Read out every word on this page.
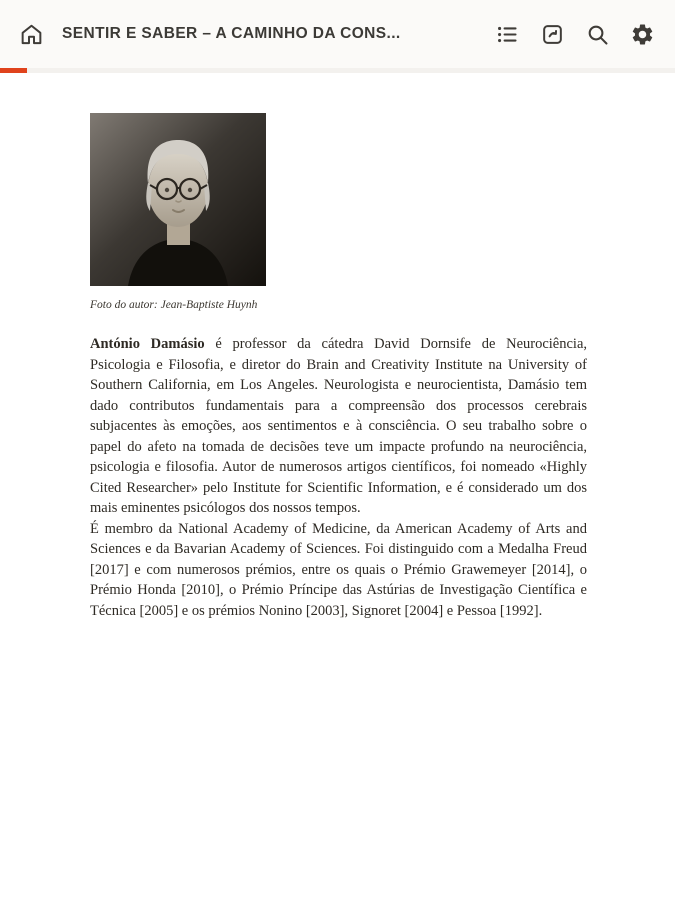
SENTIR E SABER – A CAMINHO DA CONS...
Foto do autor: Jean-Baptiste Huynh

António Damásio é professor da cátedra David Dornsife de Neurociência, Psicologia e Filosofia, e diretor do Brain and Creativity Institute na University of Southern California, em Los Angeles. Neurologista e neurocientista, Damásio tem dado contributos fundamentais para a compreensão dos processos cerebrais subjacentes às emoções, aos sentimentos e à consciência. O seu trabalho sobre o papel do afeto na tomada de decisões teve um impacte profundo na neurociência, psicologia e filosofia. Autor de numerosos artigos científicos, foi nomeado «Highly Cited Researcher» pelo Institute for Scientific Information, e é considerado um dos mais eminentes psicólogos dos nossos tempos.

É membro da National Academy of Medicine, da American Academy of Arts and Sciences e da Bavarian Academy of Sciences. Foi distinguido com a Medalha Freud [2017] e com numerosos prémios, entre os quais o Prémio Grawemeyer [2014], o Prémio Honda [2010], o Prémio Príncipe das Astúrias de Investigação Científica e Técnica [2005] e os prémios Nonino [2003], Signoret [2004] e Pessoa [1992].
